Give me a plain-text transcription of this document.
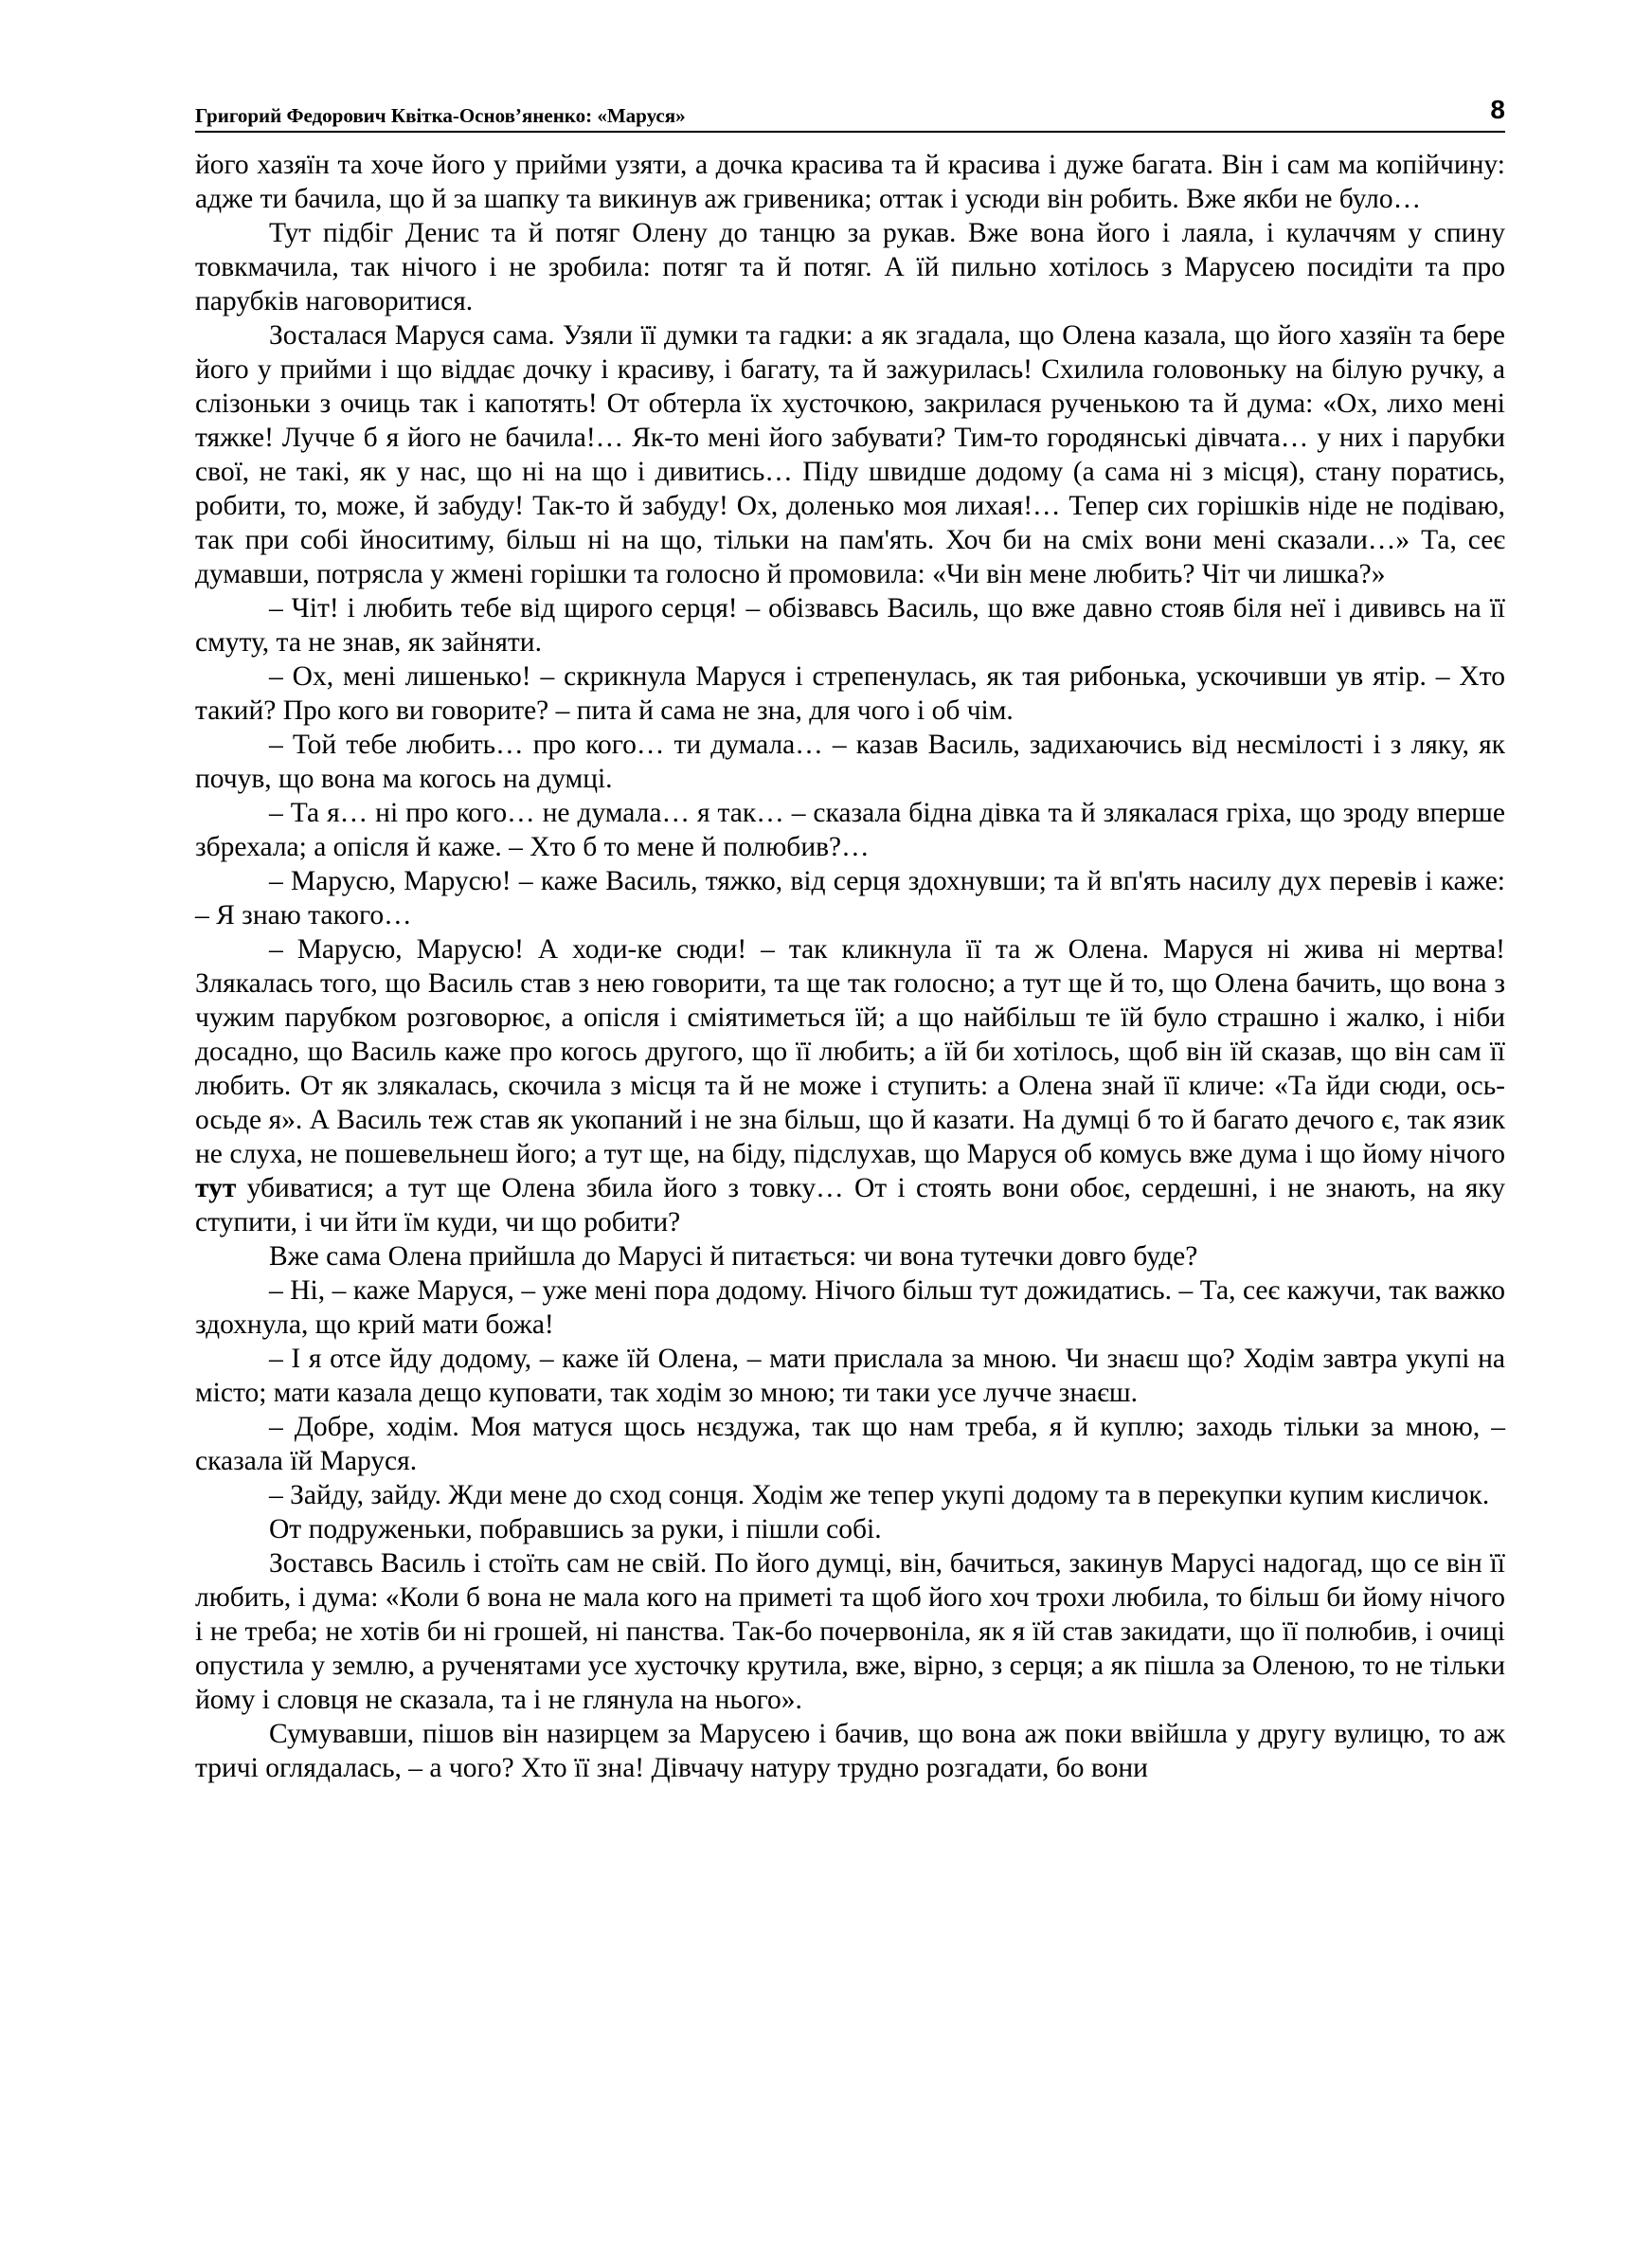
Григорий Федорович Квітка-Основ’яненко: «Маруся»	8

його хазяїн та хоче його у прийми узяти, а дочка красива та й красива і дуже багата. Він і сам ма копійчину: адже ти бачила, що й за шапку та викинув аж гривеника; оттак і усюди він робить. Вже якби не було…

Тут підбіг Денис та й потяг Олену до танцю за рукав. Вже вона його і лаяла, і кулаччям у спину товкмачила, так нічого і не зробила: потяг та й потяг. А їй пильно хотілось з Марусею посидіти та про парубків наговоритися.

Зосталася Маруся сама. Узяли її думки та гадки: а як згадала, що Олена казала, що його хазяїн та бере його у прийми і що віддає дочку і красиву, і багату, та й зажурилась! Схилила головоньку на білую ручку, а слізоньки з очиць так і капотять! От обтерла їх хусточкою, закрилася рученькою та й дума: «Ох, лихо мені тяжке! Лучче б я його не бачила!… Як-то мені його забувати? Тим-то городянські дівчата… у них і парубки свої, не такі, як у нас, що ні на що і дивитись… Піду швидше додому (а сама ні з місця), стану поратись, робити, то, може, й забуду! Так-то й забуду! Ох, доленько моя лихая!… Тепер сих горішків ніде не подіваю, так при собі йноситиму, більш ні на що, тільки на пам'ять. Хоч би на сміх вони мені сказали…» Та, сеє думавши, потрясла у жмені горішки та голосно й промовила: «Чи він мене любить? Чіт чи лишка?»

– Чіт! і любить тебе від щирого серця! – обізвавсь Василь, що вже давно стояв біля неї і дививсь на її смуту, та не знав, як зайняти.

– Ох, мені лишенько! – скрикнула Маруся і стрепенулась, як тая рибонька, ускочивши ув ятір. – Хто такий? Про кого ви говорите? – пита й сама не зна, для чого і об чім.

– Той тебе любить… про кого… ти думала… – казав Василь, задихаючись від несмілості і з ляку, як почув, що вона ма когось на думці.

– Та я… ні про кого… не думала… я так… – сказала бідна дівка та й злякалася гріха, що зроду вперше збрехала; а опісля й каже. – Хто б то мене й полюбив?…

– Марусю, Марусю! – каже Василь, тяжко, від серця здохнувши; та й вп'ять насилу дух перевів і каже: – Я знаю такого…

– Марусю, Марусю! А ходи-ке сюди! – так кликнула її та ж Олена. Маруся ні жива ні мертва! Злякалась того, що Василь став з нею говорити, та ще так голосно; а тут ще й то, що Олена бачить, що вона з чужим парубком розговорює, а опісля і сміятиметься їй; а що найбільш те їй було страшно і жалко, і ніби досадно, що Василь каже про когось другого, що її любить; а їй би хотілось, щоб він їй сказав, що він сам її любить. От як злякалась, скочила з місця та й не може і ступить: а Олена знай її кличе: «Та йди сюди, ось-осьде я». А Василь теж став як укопаний і не зна більш, що й казати. На думці б то й багато дечого є, так язик не слуха, не пошевельнеш його; а тут ще, на біду, підслухав, що Маруся об комусь вже дума і що йому нічого тут убиватися; а тут ще Олена збила його з товку… От і стоять вони обоє, сердешні, і не знають, на яку ступити, і чи йти їм куди, чи що робити?

Вже сама Олена прийшла до Марусі й питається: чи вона тутечки довго буде?

– Ні, – каже Маруся, – уже мені пора додому. Нічого більш тут дожидатись. – Та, сеє кажучи, так важко здохнула, що крий мати божа!

– І я отсе йду додому, – каже їй Олена, – мати прислала за мною. Чи знаєш що? Ходім завтра укупі на місто; мати казала дещо куповати, так ходім зо мною; ти таки усе лучче знаєш.

– Добре, ходім. Моя матуся щось нєздужа, так що нам треба, я й куплю; заходь тільки за мною, – сказала їй Маруся.

– Зайду, зайду. Жди мене до сход сонця. Ходім же тепер укупі додому та в перекупки купим кисличок.

От подруженьки, побравшись за руки, і пішли собі.

Зоставсь Василь і стоїть сам не свій. По його думці, він, бачиться, закинув Марусі надогад, що се він її любить, і дума: «Коли б вона не мала кого на приметі та щоб його хоч трохи любила, то більш би йому нічого і не треба; не хотів би ні грошей, ні панства. Так-бо почервоніла, як я їй став закидати, що її полюбив, і очиці опустила у землю, а рученятами усе хусточку крутила, вже, вірно, з серця; а як пішла за Оленою, то не тільки йому і словця не сказала, та і не глянула на нього».

Сумувавши, пішов він назирцем за Марусею і бачив, що вона аж поки ввійшла у другу вулицю, то аж тричі оглядалась, – а чого? Хто її зна! Дівчачу натуру трудно розгадати, бо вони
